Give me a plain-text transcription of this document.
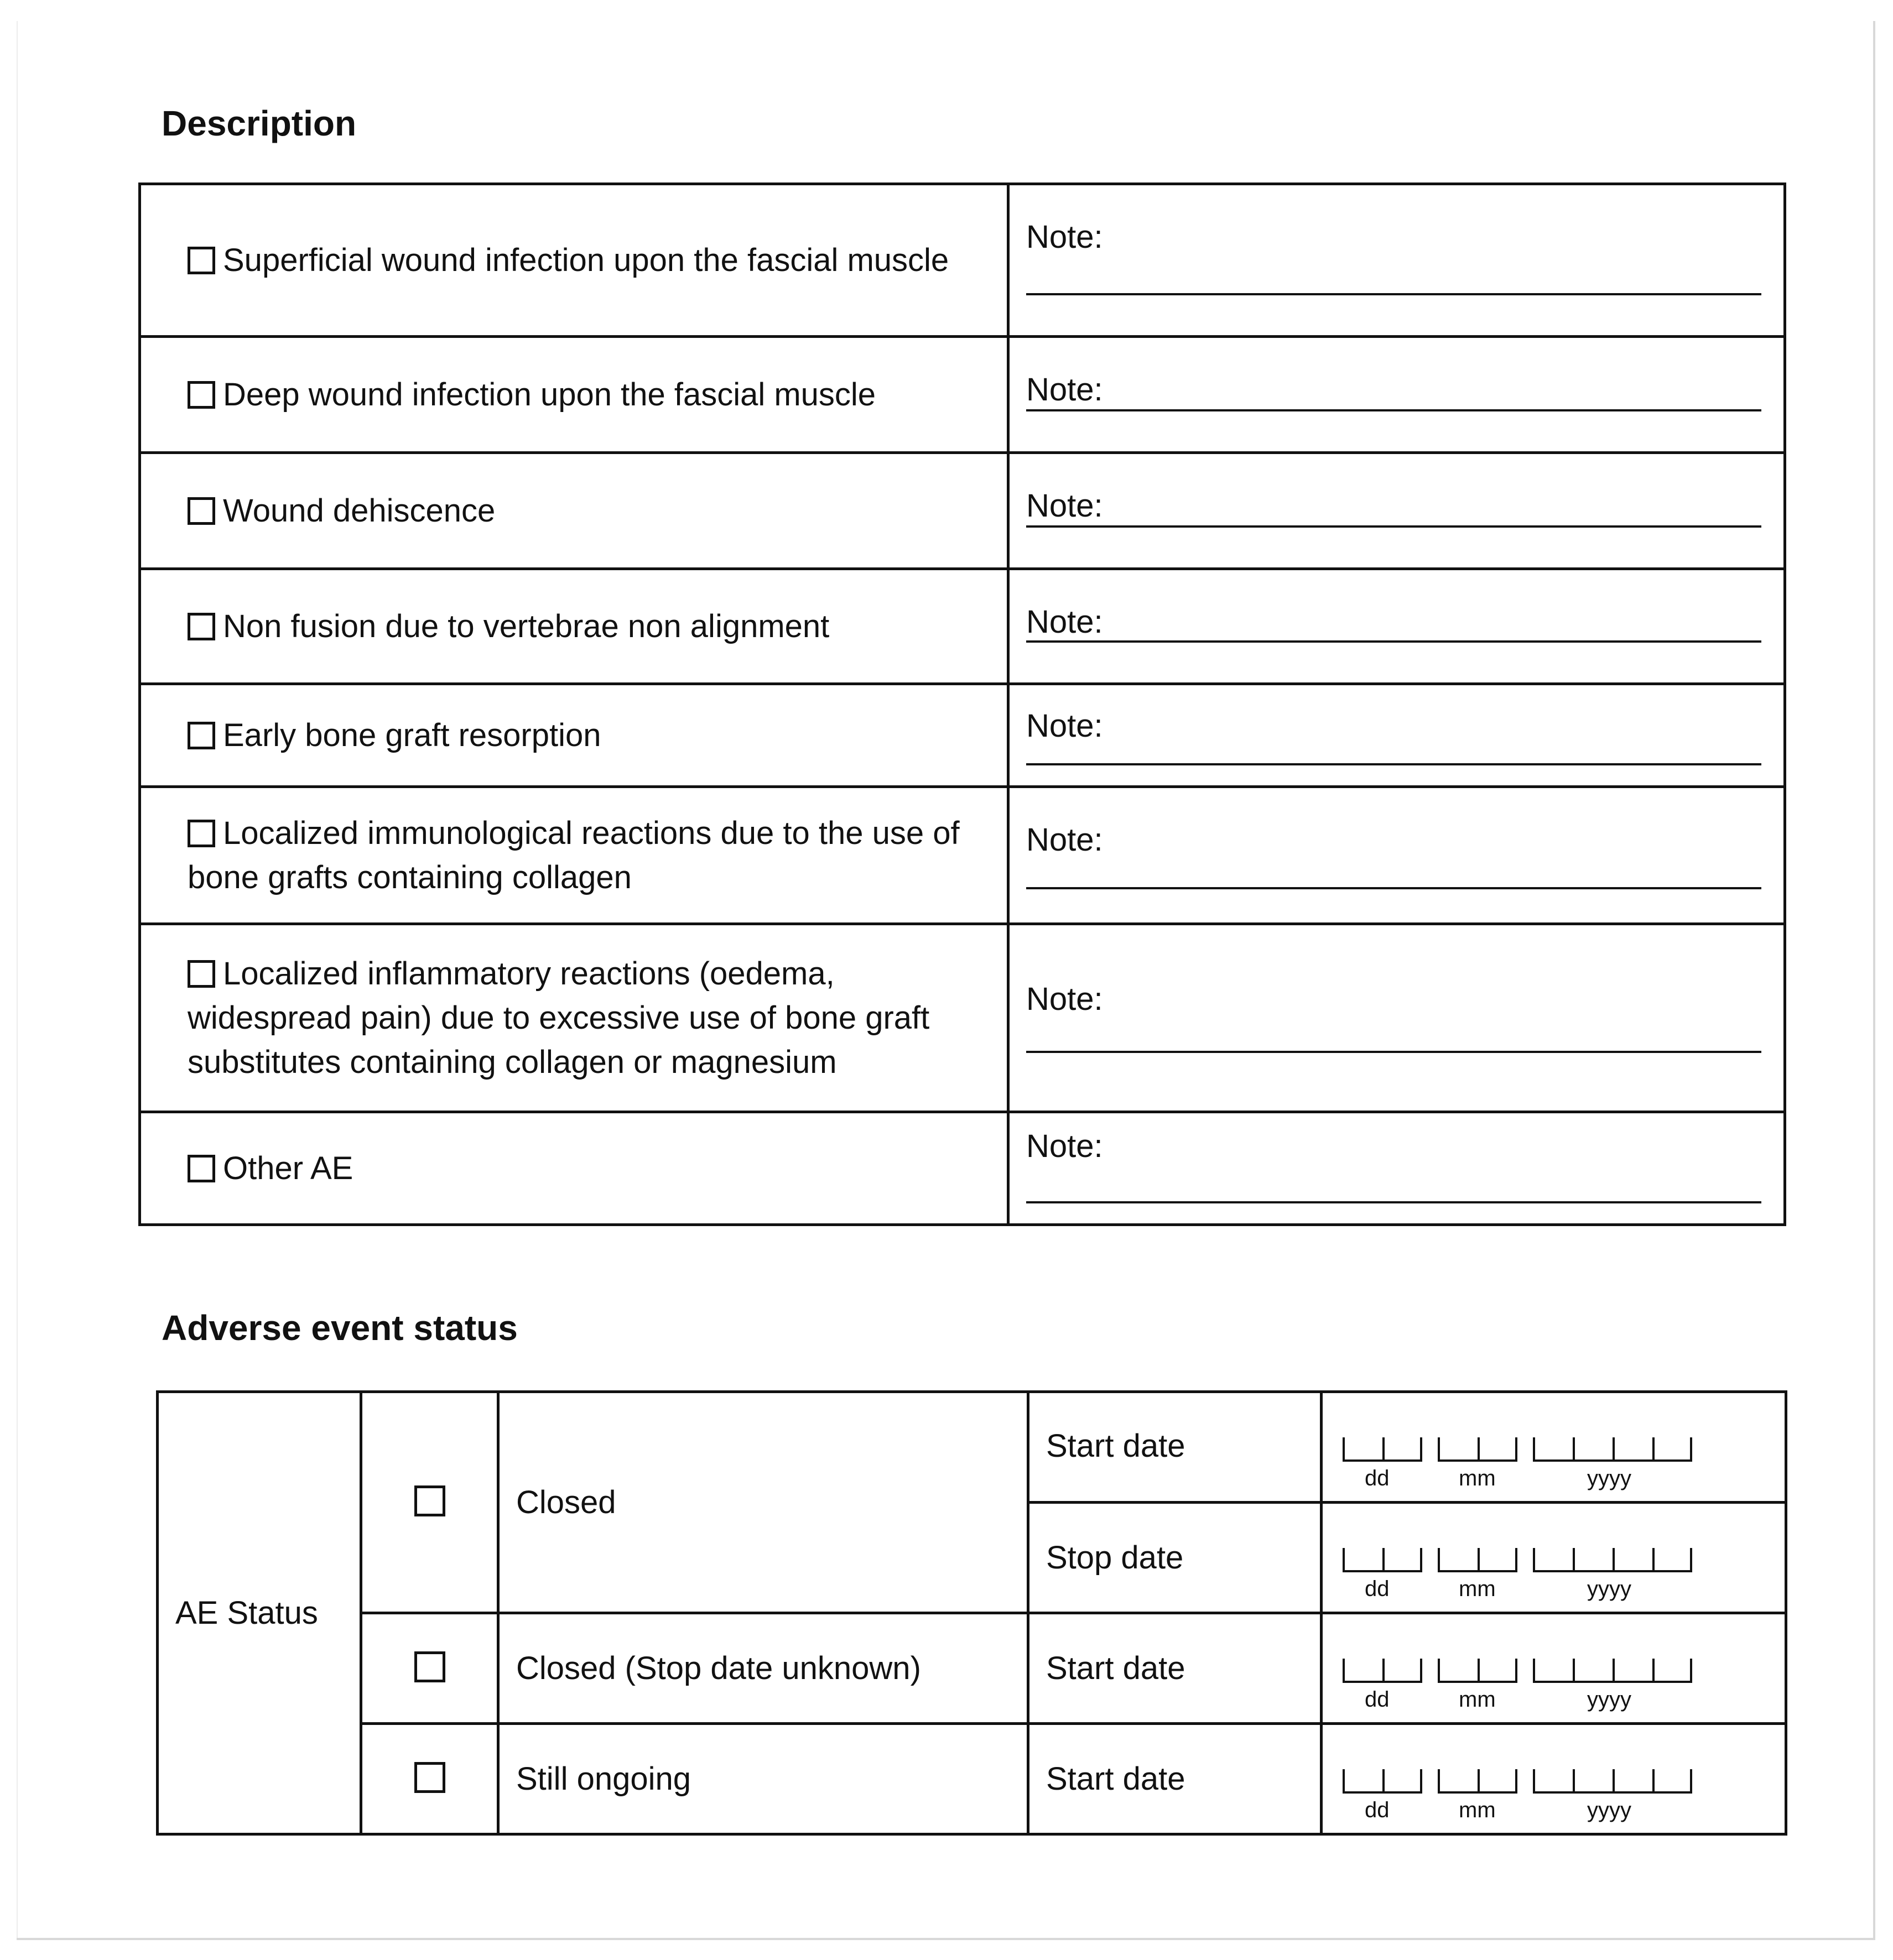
Description
Superficial wound infection upon the fascial muscle	Note:

Deep wound infection upon the fascial muscle	Note:

Wound dehiscence	Note:

Non fusion due to vertebrae non alignment	Note:

Early bone graft resorption	Note:

Localized immunological reactions due to the use of bone grafts containing collagen	Note:

Localized inflammatory reactions (oedema, widespread pain) due to excessive use of bone graft substitutes containing collagen or magnesium	Note:

Other AE	Note:
Adverse event status
AE Status		Closed	Start date	dd mm yyyy

			Stop date	dd mm yyyy

		Closed (Stop date unknown)	Start date	dd mm yyyy

		Still ongoing	Start date	dd mm yyyy
